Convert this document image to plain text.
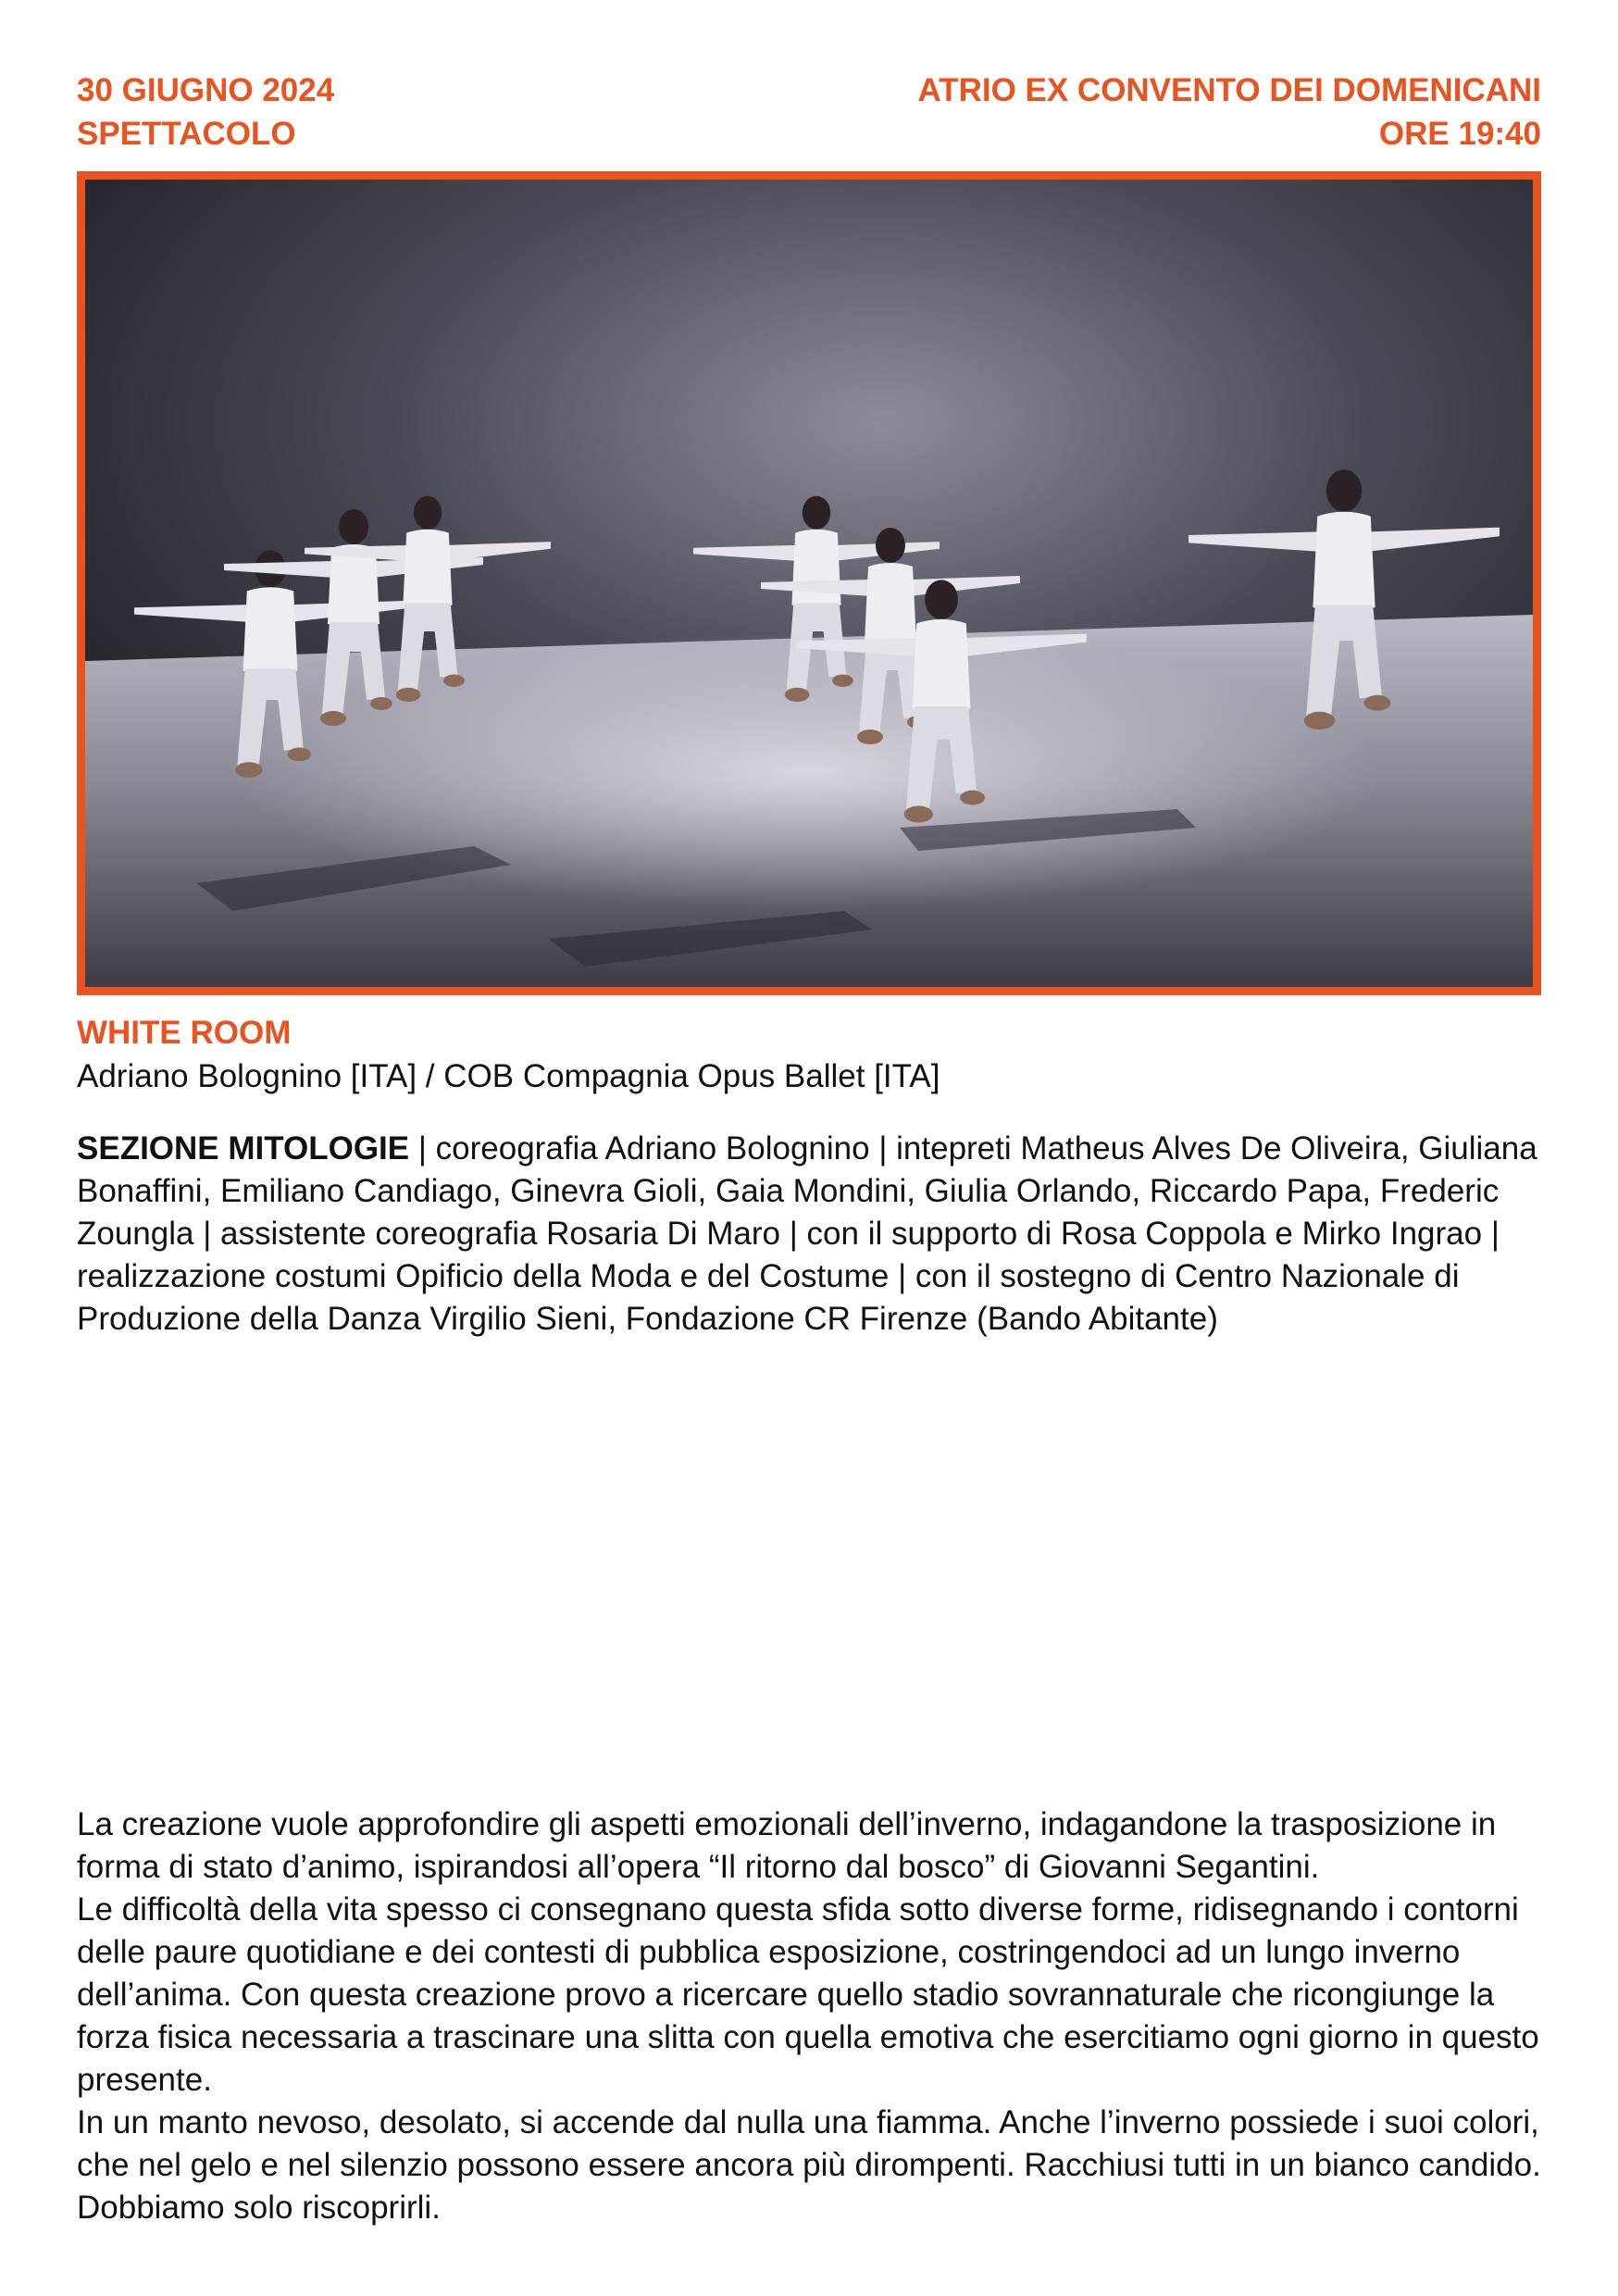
30 GIUGNO 2024
SPETTACOLO
ATRIO EX CONVENTO DEI DOMENICANI
ORE 19:40
WHITE ROOM
Adriano Bolognino [ITA] / COB Compagnia Opus Ballet [ITA]
SEZIONE MITOLOGIE | coreografia Adriano Bolognino | intepreti Matheus Alves De Oliveira, Giuliana Bonaffini, Emiliano Candiago, Ginevra Gioli, Gaia Mondini, Giulia Orlando, Riccardo Papa, Frederic Zoungla | assistente coreografia Rosaria Di Maro | con il supporto di Rosa Coppola e Mirko Ingrao | realizzazione costumi Opificio della Moda e del Costume | con il sostegno di Centro Nazionale di Produzione della Danza Virgilio Sieni, Fondazione CR Firenze (Bando Abitante)

La creazione vuole approfondire gli aspetti emozionali dell’inverno, indagandone la trasposizione in forma di stato d’animo, ispirandosi all’opera “Il ritorno dal bosco” di Giovanni Segantini.

Le difficoltà della vita spesso ci consegnano questa sfida sotto diverse forme, ridisegnando i contorni delle paure quotidiane e dei contesti di pubblica esposizione, costringendoci ad un lungo inverno dell’anima. Con questa creazione provo a ricercare quello stadio sovrannaturale che ricongiunge la forza fisica necessaria a trascinare una slitta con quella emotiva che esercitiamo ogni giorno in questo presente.

In un manto nevoso, desolato, si accende dal nulla una fiamma. Anche l’inverno possiede i suoi colori, che nel gelo e nel silenzio possono essere ancora più dirompenti. Racchiusi tutti in un bianco candido. Dobbiamo solo riscoprirli.
